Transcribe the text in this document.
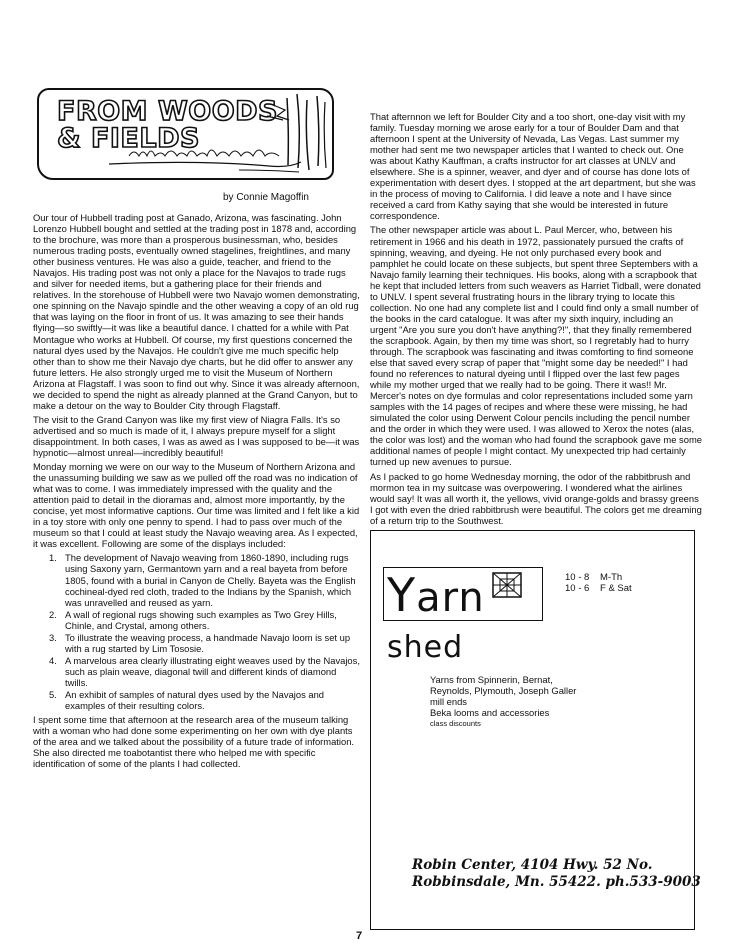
FROM WOODS
& FIELDS
by Connie Magoffin

Our tour of Hubbell trading post at Ganado, Arizona, was fascinating. John Lorenzo Hubbell bought and settled at the trading post in 1878 and, according to the brochure, was more than a prosperous businessman, who, besides numerous trading posts, eventually owned stagelines, freightlines, and many other business ventures. He was also a guide, teacher, and friend to the Navajos. His trading post was not only a place for the Navajos to trade rugs and silver for needed items, but a gathering place for their friends and relatives. In the storehouse of Hubbell were two Navajo women demonstrating, one spinning on the Navajo spindle and the other weaving a copy of an old rug that was laying on the floor in front of us. It was amazing to see their hands flying—so swiftly—it was like a beautiful dance. I chatted for a while with Pat Montague who works at Hubbell. Of course, my first questions concerned the natural dyes used by the Navajos. He couldn't give me much specific help other than to show me their Navajo dye charts, but he did offer to answer any future letters. He also strongly urged me to visit the Museum of Northern Arizona at Flagstaff. I was soon to find out why. Since it was already afternoon, we decided to spend the night as already planned at the Grand Canyon, but to make a detour on the way to Boulder City through Flagstaff.

The visit to the Grand Canyon was like my first view of Niagra Falls. It's so advertised and so much is made of it, I always prepure myself for a slight disappointment. In both cases, I was as awed as I was supposed to be—it was hypnotic—almost unreal—incredibly beautiful!

Monday morning we were on our way to the Museum of Northern Arizona and the unassuming building we saw as we pulled off the road was no indication of what was to come. I was immediately impressed with the quality and the attention paid to detail in the dioramas and, almost more importantly, by the concise, yet most informative captions. Our time was limited and I felt like a kid in a toy store with only one penny to spend. I had to pass over much of the museum so that I could at least study the Navajo weaving area. As I expected, it was excellent. Following are some of the displays included:

1. The development of Navajo weaving from 1860-1890, including rugs using Saxony yarn, Germantown yarn and a real bayeta from before 1805, found with a burial in Canyon de Chelly. Bayeta was the English cochineal-dyed red cloth, traded to the Indians by the Spanish, which was unravelled and reused as yarn.
2. A wall of regional rugs showing such examples as Two Grey Hills, Chinle, and Crystal, among others.
3. To illustrate the weaving process, a handmade Navajo loom is set up with a rug started by Lim Tososie.
4. A marvelous area clearly illustrating eight weaves used by the Navajos, such as plain weave, diagonal twill and different kinds of diamond twills.
5. An exhibit of samples of natural dyes used by the Navajos and examples of their resulting colors.

I spent some time that afternoon at the research area of the museum talking with a woman who had done some experimenting on her own with dye plants of the area and we talked about the possibility of a future trade of information. She also directed me toabotantist there who helped me with specific identification of some of the plants I had collected.

That afternnon we left for Boulder City and a too short, one-day visit with my family. Tuesday morning we arose early for a tour of Boulder Dam and that afternoon I spent at the University of Nevada, Las Vegas. Last summer my mother had sent me two newspaper articles that I wanted to check out. One was about Kathy Kauffman, a crafts instructor for art classes at UNLV and elsewhere. She is a spinner, weaver, and dyer and of course has done lots of experimentation with desert dyes. I stopped at the art department, but she was in the process of moving to California. I did leave a note and I have since received a card from Kathy saying that she would be interested in future correspondence.

The other newspaper article was about L. Paul Mercer, who, between his retirement in 1966 and his death in 1972, passionately pursued the crafts of spinning, weaving, and dyeing. He not only purchased every book and pamphlet he could locate on these subjects, but spent three Septembers with a Navajo family learning their techniques. His books, along with a scrapbook that he kept that included letters from such weavers as Harriet Tidball, were donated to UNLV. I spent several frustrating hours in the library trying to locate this collection. No one had any complete list and I could find only a small number of the books in the card catalogue. It was after my sixth inquiry, including an urgent "Are you sure you don't have anything?!", that they finally remembered the scrapbook. Again, by then my time was short, so I regretably had to hurry through. The scrapbook was fascinating and itwas comforting to find someone else that saved every scrap of paper that "might some day be needed!" I had found no references to natural dyeing until I flipped over the last few pages while my mother urged that we really had to be going. There it was!! Mr. Mercer's notes on dye formulas and color representations included some yarn samples with the 14 pages of recipes and where these were missing, he had simulated the color using Derwent Colour pencils including the pencil number and the order in which they were used. I was allowed to Xerox the notes (alas, the color was lost) and the woman who had found the scrapbook gave me some additional names of people I might contact. My unexpected trip had certainly turned up new avenues to pursue.

As I packed to go home Wednesday morning, the odor of the rabbitbrush and mormon tea in my suitcase was overpowering. I wondered what the airlines would say! It was all worth it, the yellows, vivid orange-golds and brassy greens I got with even the dried rabbitbrush were beautiful. The colors get me dreaming of a return trip to the Southwest.

Yarn shed
10 - 8	M-Th
10 - 6	F & Sat
Yarns from Spinnerin, Bernat,
Reynolds, Plymouth, Joseph Galler
mill ends
Beka looms and accessories
class discounts
Robin Center, 4104 Hwy. 52 No.
Robbinsdale, Mn. 55422. ph.533-9003
7
